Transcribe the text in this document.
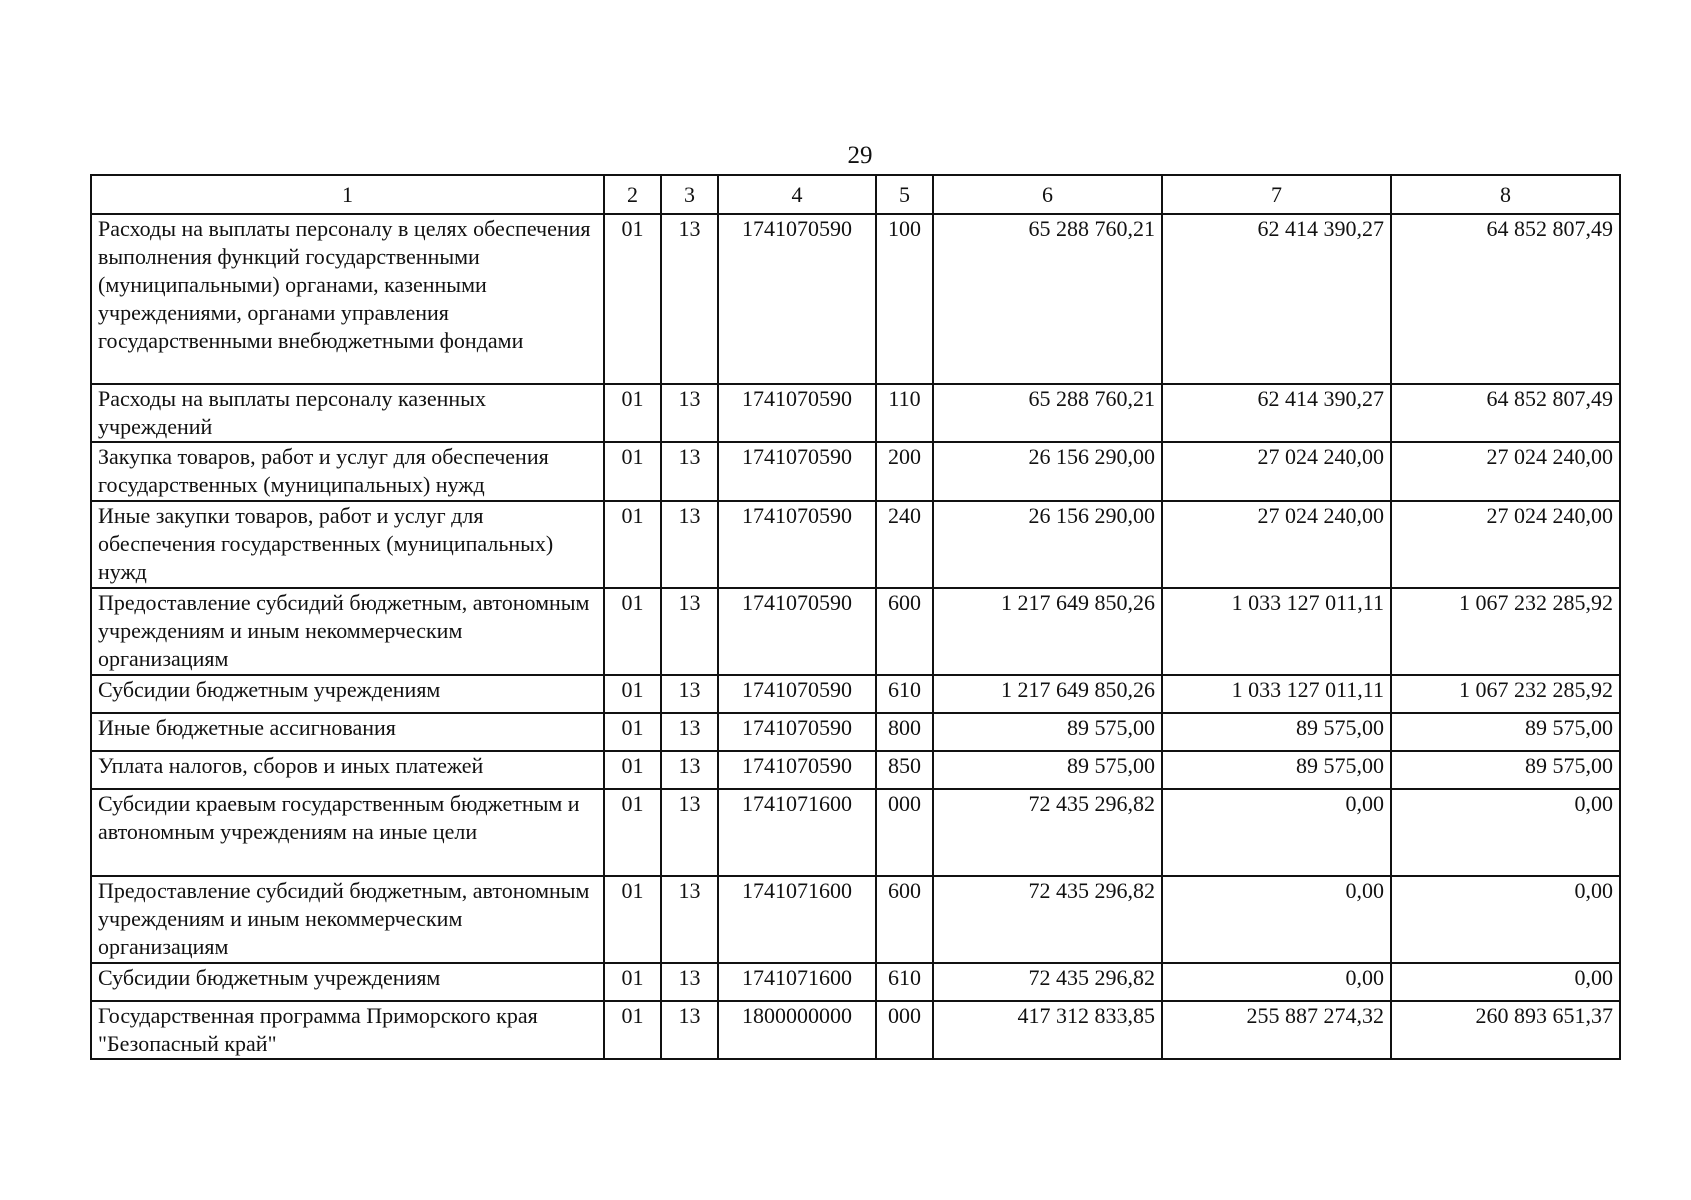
29
1	2	3	4	5	6	7	8
Расходы на выплаты персоналу в целях обеспечения выполнения функций государственными (муниципальными) органами, казенными учреждениями, органами управления государственными внебюджетными фондами	01	13	1741070590	100	65 288 760,21	62 414 390,27	64 852 807,49
Расходы на выплаты персоналу казенных учреждений	01	13	1741070590	110	65 288 760,21	62 414 390,27	64 852 807,49
Закупка товаров, работ и услуг для обеспечения государственных (муниципальных) нужд	01	13	1741070590	200	26 156 290,00	27 024 240,00	27 024 240,00
Иные закупки товаров, работ и услуг для обеспечения государственных (муниципальных) нужд	01	13	1741070590	240	26 156 290,00	27 024 240,00	27 024 240,00
Предоставление субсидий бюджетным, автономным учреждениям и иным некоммерческим организациям	01	13	1741070590	600	1 217 649 850,26	1 033 127 011,11	1 067 232 285,92
Субсидии бюджетным учреждениям	01	13	1741070590	610	1 217 649 850,26	1 033 127 011,11	1 067 232 285,92
Иные бюджетные ассигнования	01	13	1741070590	800	89 575,00	89 575,00	89 575,00
Уплата налогов, сборов и иных платежей	01	13	1741070590	850	89 575,00	89 575,00	89 575,00
Субсидии краевым государственным бюджетным и автономным учреждениям на иные цели	01	13	1741071600	000	72 435 296,82	0,00	0,00
Предоставление субсидий бюджетным, автономным учреждениям и иным некоммерческим организациям	01	13	1741071600	600	72 435 296,82	0,00	0,00
Субсидии бюджетным учреждениям	01	13	1741071600	610	72 435 296,82	0,00	0,00
Государственная программа Приморского края "Безопасный край"	01	13	1800000000	000	417 312 833,85	255 887 274,32	260 893 651,37
